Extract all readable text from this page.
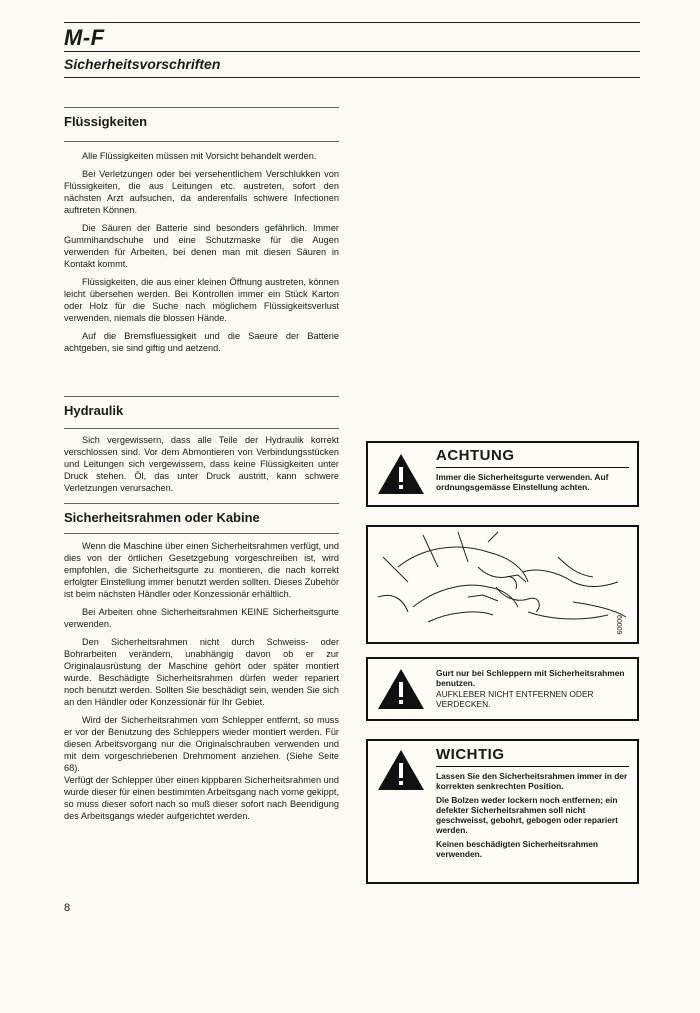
M-F
Sicherheitsvorschriften
Flüssigkeiten

Alle Flüssigkeiten müssen mit Vorsicht behandelt werden.

Bei Verletzungen oder bei versehentlichem Verschlukken von Flüssigkeiten, die aus Leitungen etc. austreten, sofort den nächsten Arzt aufsuchen, da anderenfalls schwere Infectionen auftreten Können.

Die Säuren der Batterie sind besonders gefährlich. Immer Gummihandschuhe und eine Schutzmaske für die Augen verwenden für Arbeiten, bei denen man mit diesen Säuren in Kontakt kommt.

Flüssigkeiten, die aus einer kleinen Öffnung austreten, können leicht übersehen werden. Bei Kontrollen immer ein Stück Karton oder Holz für die Suche nach möglichem Flüssigkeitsverlust verwenden, niemals die blossen Hände.

Auf die Bremsfluessigkeit und die Saeure der Batterie achtgeben, sie sind giftig und aetzend.

Hydraulik

Sich vergewissern, dass alle Teile der Hydraulik korrekt verschlossen sind. Vor dem Abmontieren von Verbindungsstücken und Leitungen sich vergewissern, dass keine Flüssigkeiten unter Druck stehen. Öl, das unter Druck austritt, kann schwere Verletzungen verursachen.

Sicherheitsrahmen oder Kabine

Wenn die Maschine über einen Sicherheitsrahmen verfügt, und dies von der örtlichen Gesetzgebung vorgeschreiben ist, wird empfohlen, die Sicherheitsgurte zu montieren, die nach korrekt erfolgter Einstellung immer benutzt werden sollten. Dieses Zubehör ist beim nächsten Händler oder Konzessionär erhältlich.

Bei Arbeiten ohne Sicherheitsrahmen KEINE Sicherheitsgurte verwenden.

Den Sicherheitsrahmen nicht durch Schweiss- oder Bohrarbeiten verändern, unabhängig davon ob er zur Originalausrüstung der Maschine gehört oder später montiert wurde. Beschädigte Sicherheitsrahmen dürfen weder repariert noch benutzt werden. Sollten Sie beschädigt sein, wenden Sie sich an den Händler oder Konzessionär für Ihr Gebiet.

Wird der Sicherheitsrahmen vom Schlepper entfernt, so muss er vor der Benutzung des Schleppers wieder montiert werden. Für diesen Arbeitsvorgang nur die Originalschrauben verwenden und mit dem vorgeschriebenen Drehmoment anziehen. (Siehe Seite 68).

Verfügt der Schlepper über einen kippbaren Sicherheitsrahmen und wurde dieser für einen bestimmten Arbeitsgang nach vorne gekippt, so muss dieser sofort nach so muß dieser sofort nach Beendigung des Arbeitsgangs wieder aufgerichtet werden.

ACHTUNG

Immer die Sicherheitsgurte verwenden. Auf ordnungsgemässe Einstellung achten.

60009

Gurt nur bei Schleppern mit Sicherheitsrahmen benutzen.

AUFKLEBER NICHT ENTFERNEN ODER VERDECKEN.

WICHTIG

Lassen Sie den Sicherheitsrahmen immer in der korrekten senkrechten Position.

Die Bolzen weder lockern noch entfernen; ein defekter Sicherheitsrahmen soll nicht geschweisst, gebohrt, gebogen oder repariert werden.

Keinen beschädigten Sicherheitsrahmen verwenden.

8
